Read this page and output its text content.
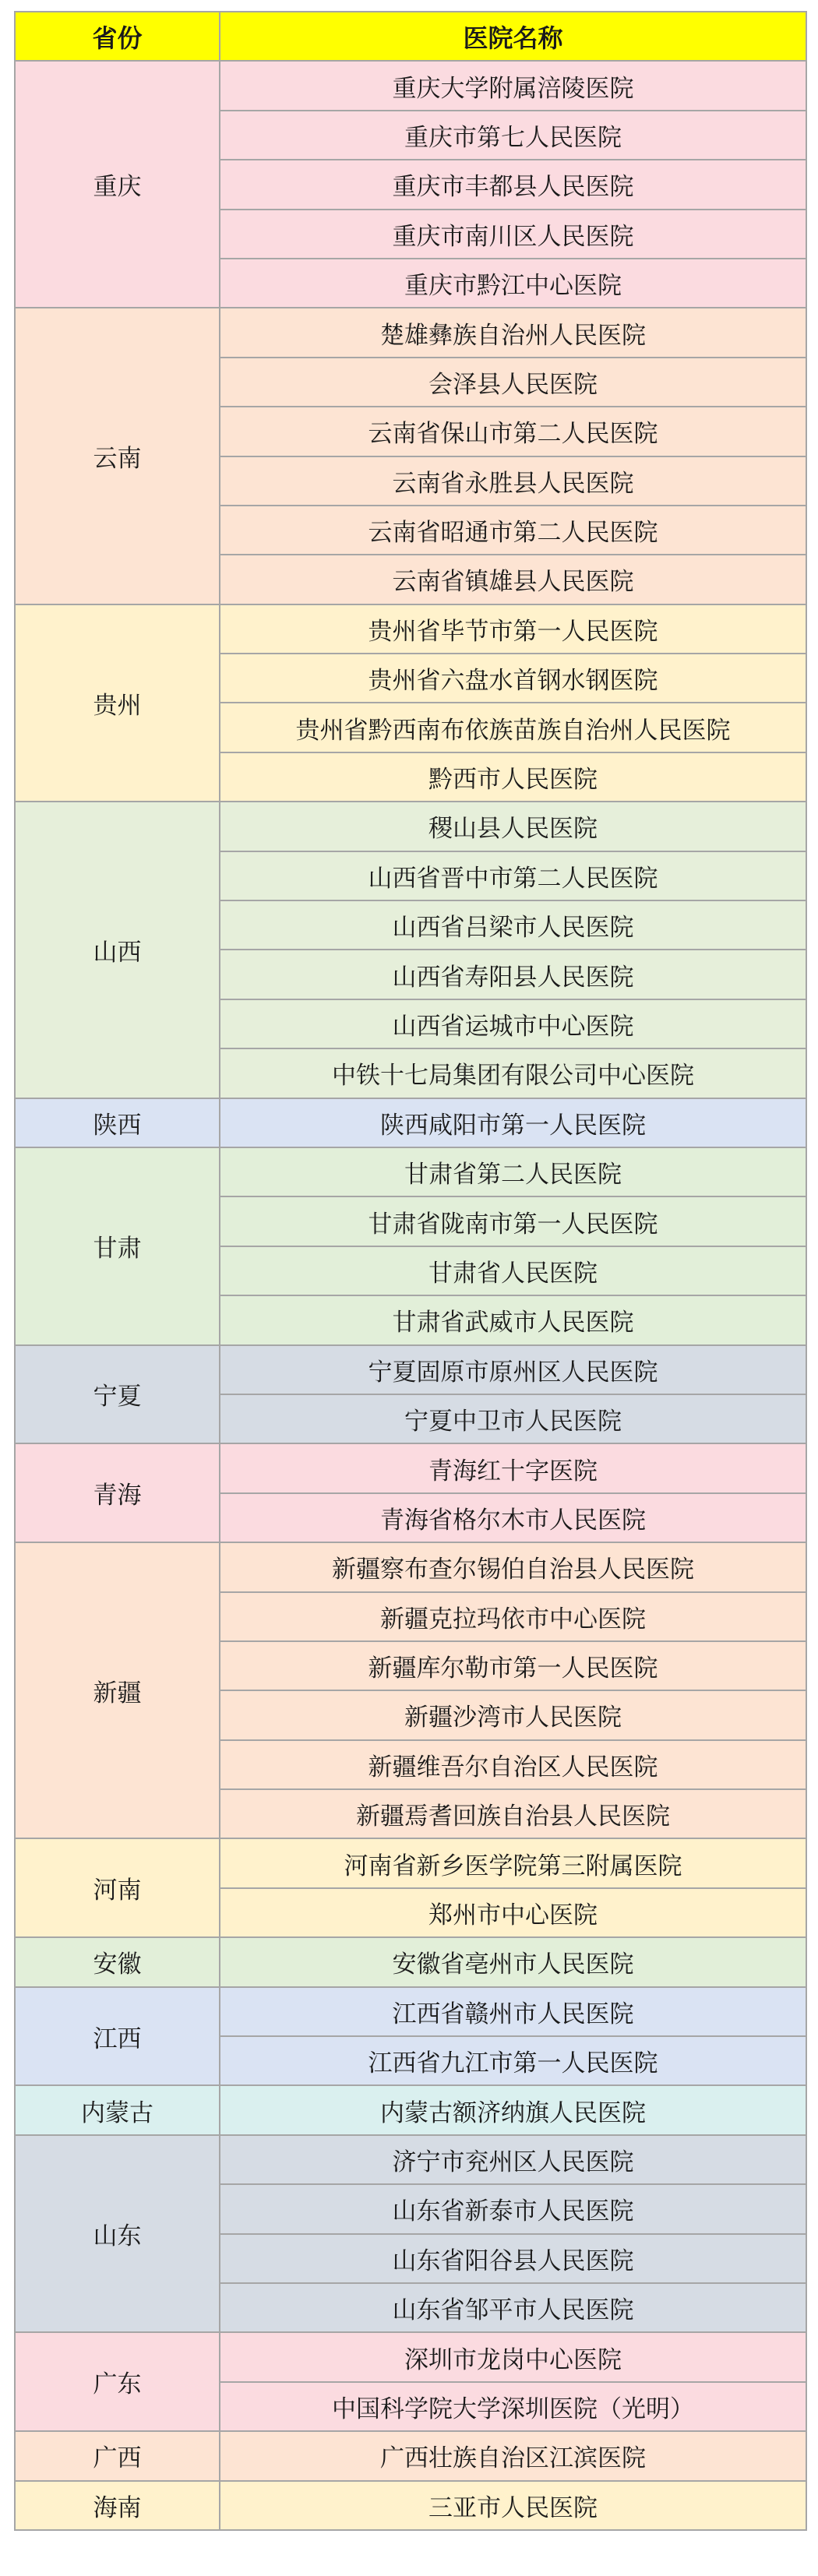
省份	医院名称
重庆	重庆大学附属涪陵医院
	重庆市第七人民医院
	重庆市丰都县人民医院
	重庆市南川区人民医院
	重庆市黔江中心医院
云南	楚雄彝族自治州人民医院
	会泽县人民医院
	云南省保山市第二人民医院
	云南省永胜县人民医院
	云南省昭通市第二人民医院
	云南省镇雄县人民医院
贵州	贵州省毕节市第一人民医院
	贵州省六盘水首钢水钢医院
	贵州省黔西南布依族苗族自治州人民医院
	黔西市人民医院
山西	稷山县人民医院
	山西省晋中市第二人民医院
	山西省吕梁市人民医院
	山西省寿阳县人民医院
	山西省运城市中心医院
	中铁十七局集团有限公司中心医院
陕西	陕西咸阳市第一人民医院
甘肃	甘肃省第二人民医院
	甘肃省陇南市第一人民医院
	甘肃省人民医院
	甘肃省武威市人民医院
宁夏	宁夏固原市原州区人民医院
	宁夏中卫市人民医院
青海	青海红十字医院
	青海省格尔木市人民医院
新疆	新疆察布查尔锡伯自治县人民医院
	新疆克拉玛依市中心医院
	新疆库尔勒市第一人民医院
	新疆沙湾市人民医院
	新疆维吾尔自治区人民医院
	新疆焉耆回族自治县人民医院
河南	河南省新乡医学院第三附属医院
	郑州市中心医院
安徽	安徽省亳州市人民医院
江西	江西省赣州市人民医院
	江西省九江市第一人民医院
内蒙古	内蒙古额济纳旗人民医院
山东	济宁市兖州区人民医院
	山东省新泰市人民医院
	山东省阳谷县人民医院
	山东省邹平市人民医院
广东	深圳市龙岗中心医院
	中国科学院大学深圳医院（光明）
广西	广西壮族自治区江滨医院
海南	三亚市人民医院
